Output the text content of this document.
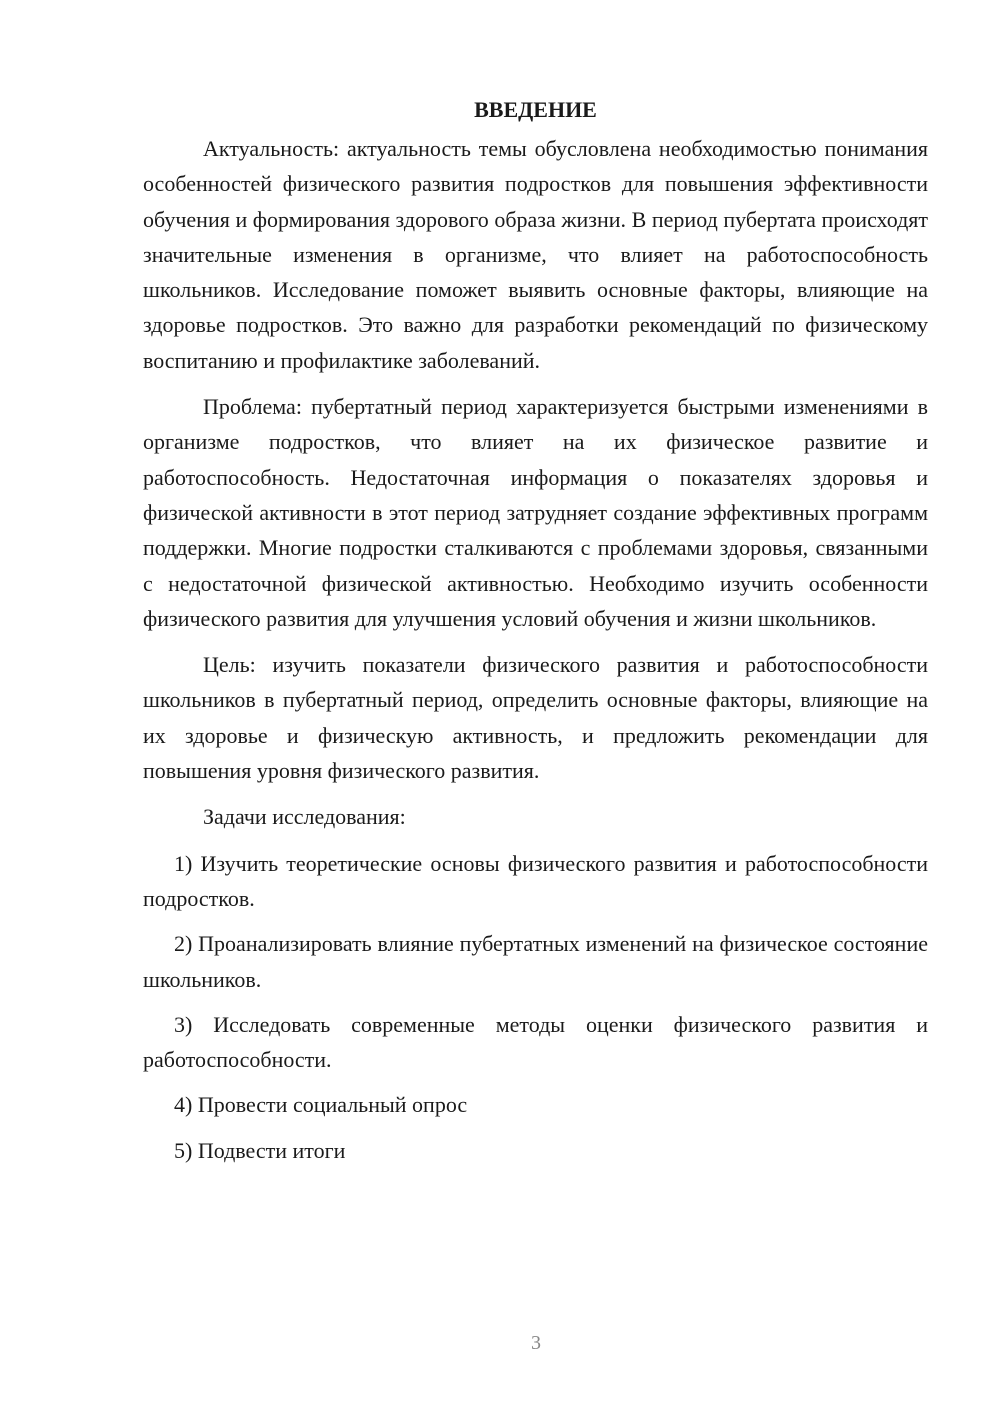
ВВЕДЕНИЕ

Актуальность: актуальность темы обусловлена необходимостью понимания особенностей физического развития подростков для повышения эффективности обучения и формирования здорового образа жизни. В период пубертата происходят значительные изменения в организме, что влияет на работоспособность школьников. Исследование поможет выявить основные факторы, влияющие на здоровье подростков. Это важно для разработки рекомендаций по физическому воспитанию и профилактике заболеваний.

Проблема: пубертатный период характеризуется быстрыми изменениями в организме подростков, что влияет на их физическое развитие и работоспособность. Недостаточная информация о показателях здоровья и физической активности в этот период затрудняет создание эффективных программ поддержки. Многие подростки сталкиваются с проблемами здоровья, связанными с недостаточной физической активностью. Необходимо изучить особенности физического развития для улучшения условий обучения и жизни школьников.

Цель: изучить показатели физического развития и работоспособности школьников в пубертатный период, определить основные факторы, влияющие на их здоровье и физическую активность, и предложить рекомендации для повышения уровня физического развития.

Задачи исследования:

1) Изучить теоретические основы физического развития и работоспособности подростков.

2) Проанализировать влияние пубертатных изменений на физическое состояние школьников.

3) Исследовать современные методы оценки физического развития и работоспособности.

4) Провести социальный опрос

5) Подвести итоги

3
